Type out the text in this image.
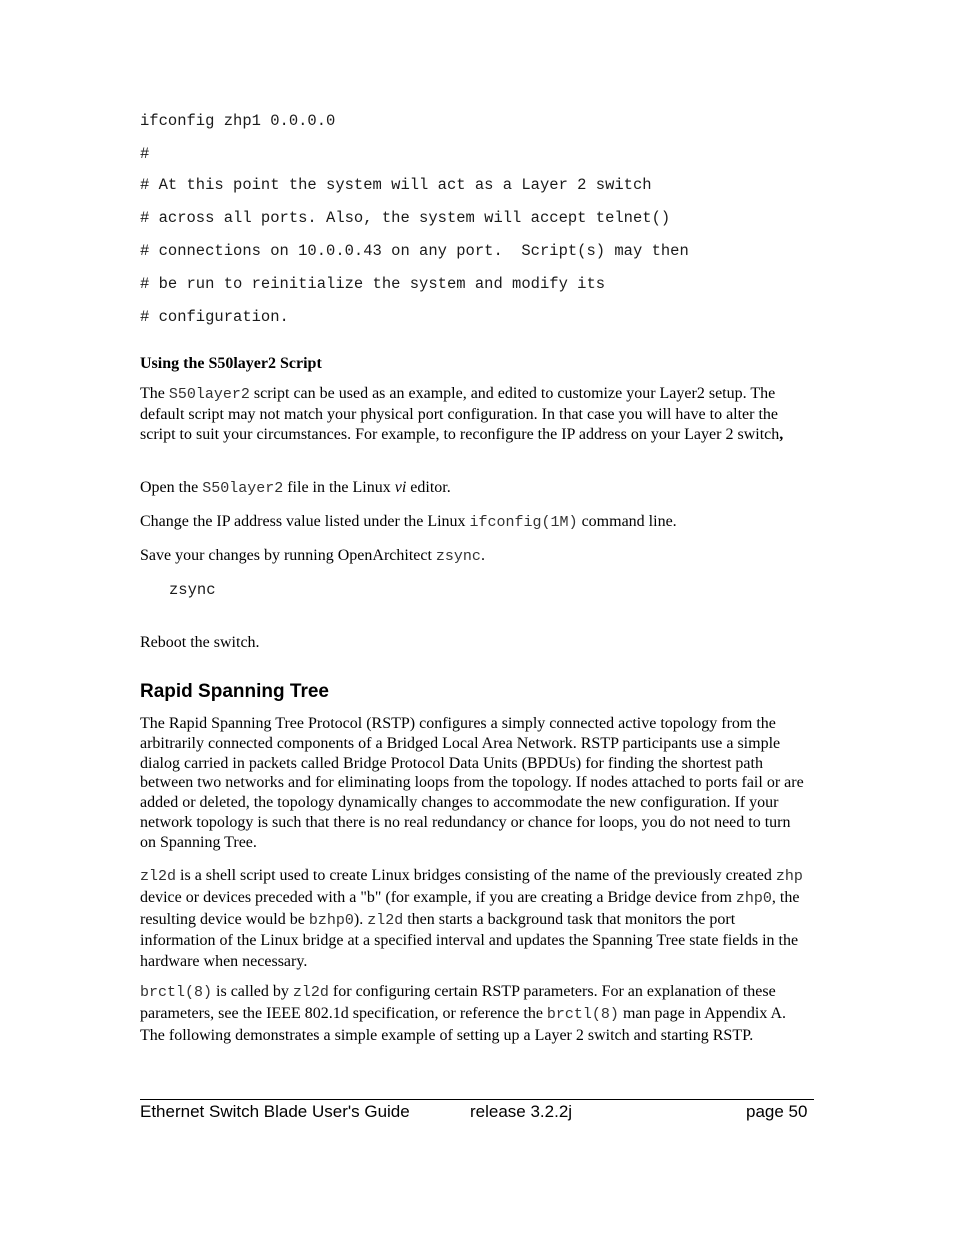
ifconfig zhp1 0.0.0.0
#
# At this point the system will act as a Layer 2 switch
# across all ports. Also, the system will accept telnet()
# connections on 10.0.0.43 on any port.  Script(s) may then
# be run to reinitialize the system and modify its
# configuration.
Using the S50layer2 Script
The S50layer2 script can be used as an example, and edited to customize your Layer2 setup. The default script may not match your physical port configuration. In that case you will have to alter the script to suit your circumstances. For example, to reconfigure the IP address on your Layer 2 switch,
Open the S50layer2 file in the Linux vi editor.
Change the IP address value listed under the Linux ifconfig(1M) command line.
Save your changes by running OpenArchitect zsync.
zsync
Reboot the switch.
Rapid Spanning Tree
The Rapid Spanning Tree Protocol (RSTP) configures a simply connected active topology from the arbitrarily connected components of a Bridged Local Area Network. RSTP participants use a simple dialog carried in packets called Bridge Protocol Data Units (BPDUs) for finding the shortest path between two networks and for eliminating loops from the topology. If nodes attached to ports fail or are added or deleted, the topology dynamically changes to accommodate the new configuration. If your network topology is such that there is no real redundancy or chance for loops, you do not need to turn on Spanning Tree.
zl2d is a shell script used to create Linux bridges consisting of the name of the previously created zhp device or devices preceded with a "b" (for example, if you are creating a Bridge device from zhp0, the resulting device would be bzhp0). zl2d then starts a background task that monitors the port information of the Linux bridge at a specified interval and updates the Spanning Tree state fields in the hardware when necessary.
brctl(8) is called by zl2d for configuring certain RSTP parameters. For an explanation of these parameters, see the IEEE 802.1d specification, or reference the brctl(8) man page in Appendix A. The following demonstrates a simple example of setting up a Layer 2 switch and starting RSTP.
Ethernet Switch Blade User's Guide	release 3.2.2j	page 50
